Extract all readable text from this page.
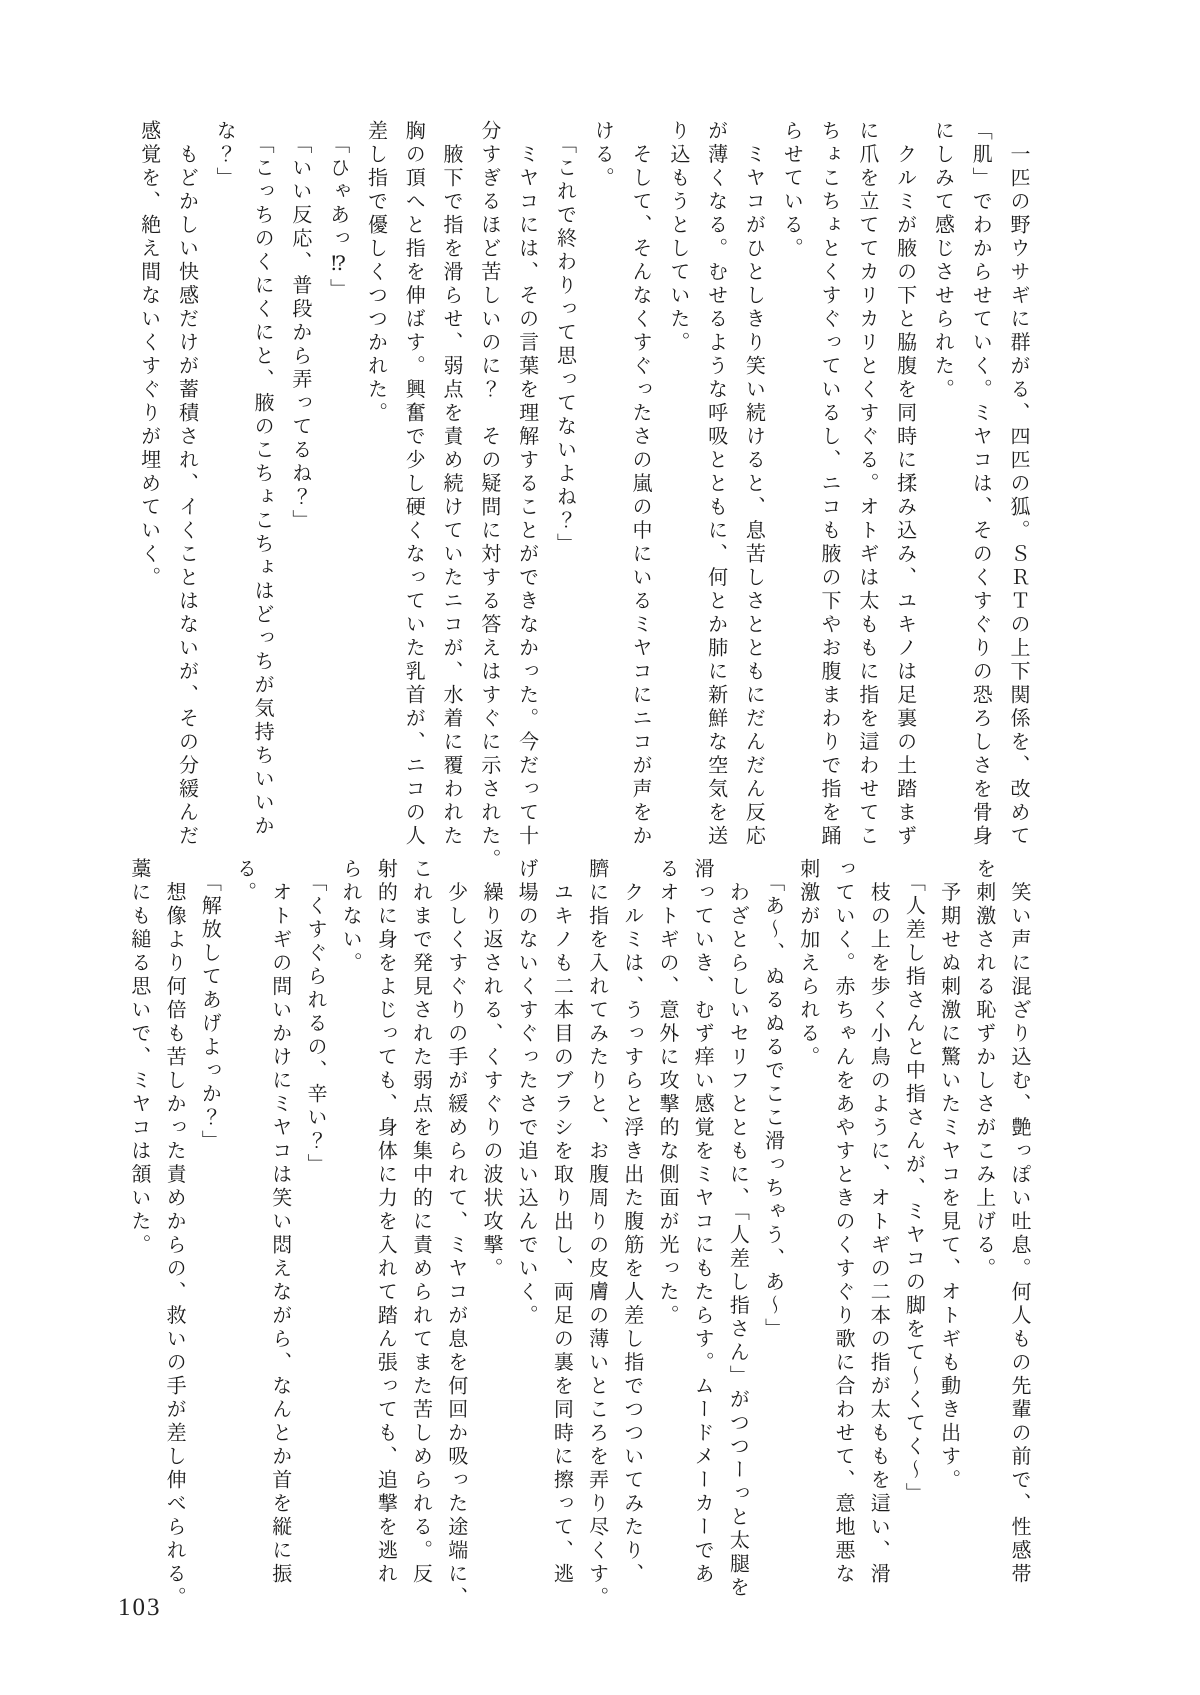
　一匹の野ウサギに群がる、四匹の狐。ＳＲＴの上下関係を、改めて
「肌」でわからせていく。ミヤコは、そのくすぐりの恐ろしさを骨身
にしみて感じさせられた。
　クルミが腋の下と脇腹を同時に揉み込み、ユキノは足裏の土踏まず
に爪を立ててカリカリとくすぐる。オトギは太ももに指を這わせてこ
ちょこちょとくすぐっているし、ニコも腋の下やお腹まわりで指を踊
らせている。
　ミヤコがひとしきり笑い続けると、息苦しさとともにだんだん反応
が薄くなる。むせるような呼吸とともに、何とか肺に新鮮な空気を送
り込もうとしていた。
　そして、そんなくすぐったさの嵐の中にいるミヤコにニコが声をか
ける。
　「これで終わりって思ってないよね？」
　ミヤコには、その言葉を理解することができなかった。今だって十
分すぎるほど苦しいのに？　その疑問に対する答えはすぐに示された。
　腋下で指を滑らせ、弱点を責め続けていたニコが、水着に覆われた
胸の頂へと指を伸ばす。興奮で少し硬くなっていた乳首が、ニコの人
差し指で優しくつつかれた。
　「ひゃあっ⁉」
　「いい反応、普段から弄ってるね？」
　「こっちのくにくにと、腋のこちょこちょはどっちが気持ちいいか
な？」
　もどかしい快感だけが蓄積され、イくことはないが、その分緩んだ
感覚を、絶え間ないくすぐりが埋めていく。
　笑い声に混ざり込む、艶っぽい吐息。何人もの先輩の前で、性感帯
を刺激される恥ずかしさがこみ上げる。
　予期せぬ刺激に驚いたミヤコを見て、オトギも動き出す。
　「人差し指さんと中指さんが、ミヤコの脚をて〜くてく〜」
　枝の上を歩く小鳥のように、オトギの二本の指が太ももを這い、滑
っていく。赤ちゃんをあやすときのくすぐり歌に合わせて、意地悪な
刺激が加えられる。
　「あ〜、ぬるぬるでここ滑っちゃう、あ〜」
　わざとらしいセリフとともに、「人差し指さん」がつつーっと太腿を
滑っていき、むず痒い感覚をミヤコにもたらす。ムードメーカーであ
るオトギの、意外に攻撃的な側面が光った。
　クルミは、うっすらと浮き出た腹筋を人差し指でつついてみたり、
臍に指を入れてみたりと、お腹周りの皮膚の薄いところを弄り尽くす。
　ユキノも二本目のブラシを取り出し、両足の裏を同時に擦って、逃
げ場のないくすぐったさで追い込んでいく。
　繰り返される、くすぐりの波状攻撃。
　少しくすぐりの手が緩められて、ミヤコが息を何回か吸った途端に、
これまで発見された弱点を集中的に責められてまた苦しめられる。反
射的に身をよじっても、身体に力を入れて踏ん張っても、追撃を逃れ
られない。
　「くすぐられるの、辛い？」
　オトギの問いかけにミヤコは笑い悶えながら、なんとか首を縦に振
る。
　「解放してあげよっか？」
　想像より何倍も苦しかった責めからの、救いの手が差し伸べられる。
藁にも縋る思いで、ミヤコは頷いた。
103
